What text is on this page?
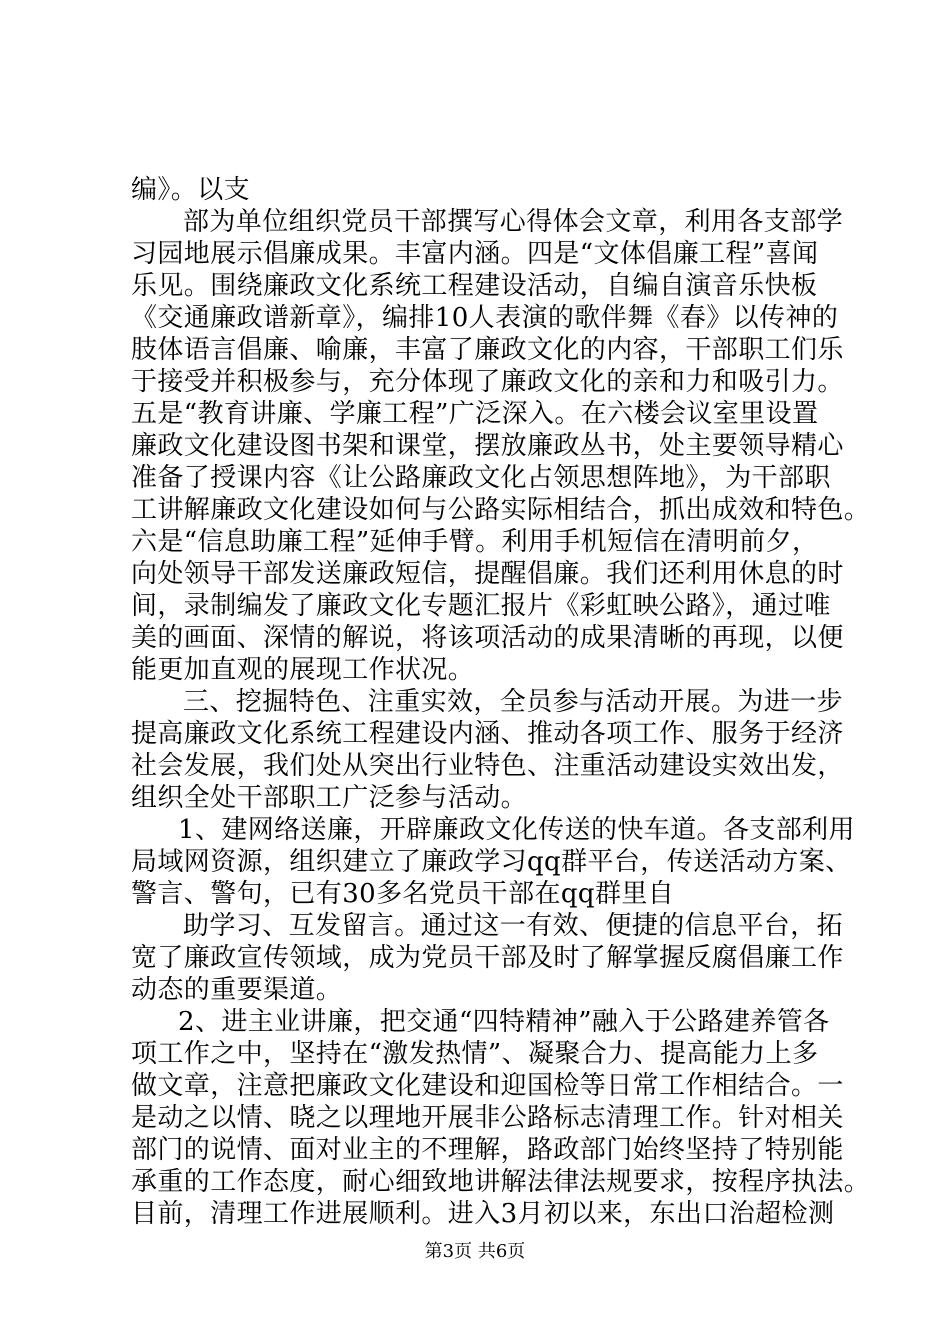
编》。以支
部为单位组织党员干部撰写心得体会文章，利用各支部学
习园地展示倡廉成果。丰富内涵。四是“文体倡廉工程”喜闻
乐见。围绕廉政文化系统工程建设活动，自编自演音乐快板
《交通廉政谱新章》，编排10人表演的歌伴舞《春》以传神的
肢体语言倡廉、喻廉，丰富了廉政文化的内容，干部职工们乐
于接受并积极参与，充分体现了廉政文化的亲和力和吸引力。
五是“教育讲廉、学廉工程”广泛深入。在六楼会议室里设置
廉政文化建设图书架和课堂，摆放廉政丛书，处主要领导精心
准备了授课内容《让公路廉政文化占领思想阵地》，为干部职
工讲解廉政文化建设如何与公路实际相结合，抓出成效和特色。
六是“信息助廉工程”延伸手臂。利用手机短信在清明前夕，
向处领导干部发送廉政短信，提醒倡廉。我们还利用休息的时
间，录制编发了廉政文化专题汇报片《彩虹映公路》，通过唯
美的画面、深情的解说，将该项活动的成果清晰的再现，以便
能更加直观的展现工作状况。
三、挖掘特色、注重实效，全员参与活动开展。为进一步
提高廉政文化系统工程建设内涵、推动各项工作、服务于经济
社会发展，我们处从突出行业特色、注重活动建设实效出发，
组织全处干部职工广泛参与活动。
1、建网络送廉，开辟廉政文化传送的快车道。各支部利用
局域网资源，组织建立了廉政学习qq群平台，传送活动方案、
警言、警句，已有30多名党员干部在qq群里自
助学习、互发留言。通过这一有效、便捷的信息平台，拓
宽了廉政宣传领域，成为党员干部及时了解掌握反腐倡廉工作
动态的重要渠道。
2、进主业讲廉，把交通“四特精神”融入于公路建养管各
项工作之中，坚持在“激发热情”、凝聚合力、提高能力上多
做文章，注意把廉政文化建设和迎国检等日常工作相结合。一
是动之以情、晓之以理地开展非公路标志清理工作。针对相关
部门的说情、面对业主的不理解，路政部门始终坚持了特别能
承重的工作态度，耐心细致地讲解法律法规要求，按程序执法。
目前，清理工作进展顺利。进入3月初以来，东出口治超检测
第3页 共6页
